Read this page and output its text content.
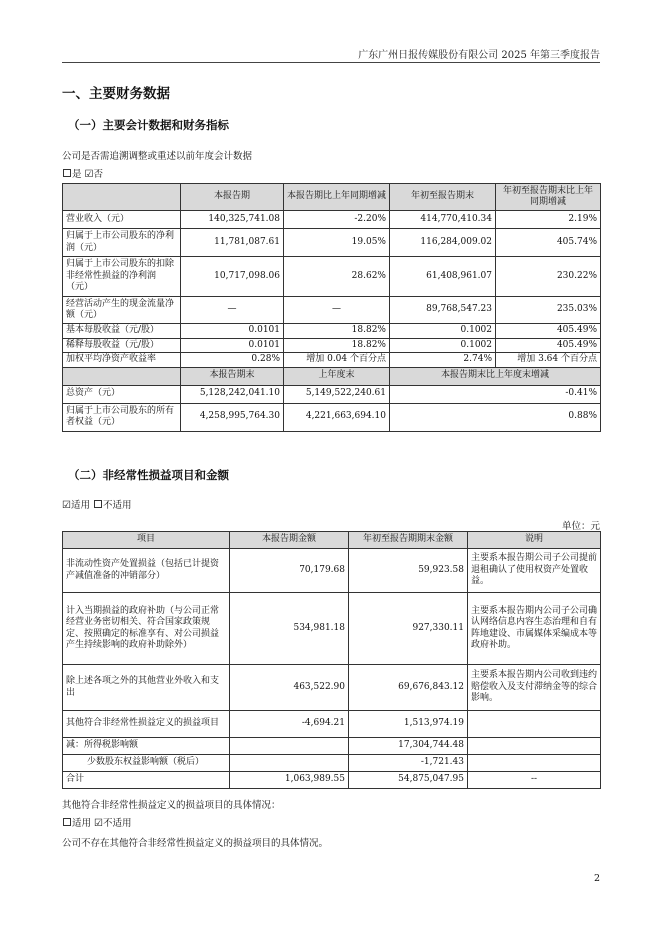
广东广州日报传媒股份有限公司 2025 年第三季度报告
一、主要财务数据
（一）主要会计数据和财务指标
公司是否需追溯调整或重述以前年度会计数据
是 ☑否
	本报告期	本报告期比上年同期增减	年初至报告期末	年初至报告期末比上年同期增减
营业收入（元）	140,325,741.08	-2.20%	414,770,410.34	2.19%
归属于上市公司股东的净利润（元）	11,781,087.61	19.05%	116,284,009.02	405.74%
归属于上市公司股东的扣除非经常性损益的净利润（元）	10,717,098.06	28.62%	61,408,961.07	230.22%
经营活动产生的现金流量净额（元）	—	—	89,768,547.23	235.03%
基本每股收益（元/股）	0.0101	18.82%	0.1002	405.49%
稀释每股收益（元/股）	0.0101	18.82%	0.1002	405.49%
加权平均净资产收益率	0.28%	增加 0.04 个百分点	2.74%	增加 3.64 个百分点
	本报告期末	上年度末	本报告期末比上年度末增减	
总资产（元）	5,128,242,041.10	5,149,522,240.61	-0.41%	
归属于上市公司股东的所有者权益（元）	4,258,995,764.30	4,221,663,694.10	0.88%	
（二）非经常性损益项目和金额
☑适用 不适用
单位：元
项目	本报告期金额	年初至报告期期末金额	说明
非流动性资产处置损益（包括已计提资产减值准备的冲销部分）	70,179.68	59,923.58	主要系本报告期公司子公司提前退租确认了使用权资产处置收益。
计入当期损益的政府补助（与公司正常经营业务密切相关、符合国家政策规定、按照确定的标准享有、对公司损益产生持续影响的政府补助除外）	534,981.18	927,330.11	主要系本报告期内公司子公司确认网络信息内容生态治理和自有阵地建设、市属媒体采编成本等政府补助。
除上述各项之外的其他营业外收入和支出	463,522.90	69,676,843.12	主要系本报告期内公司收到违约赔偿收入及支付滞纳金等的综合影响。
其他符合非经常性损益定义的损益项目	-4,694.21	1,513,974.19	
减：所得税影响额		17,304,744.48	
少数股东权益影响额（税后）		-1,721.43	
合计	1,063,989.55	54,875,047.95	--
其他符合非经常性损益定义的损益项目的具体情况：
适用 ☑不适用
公司不存在其他符合非经常性损益定义的损益项目的具体情况。
2
